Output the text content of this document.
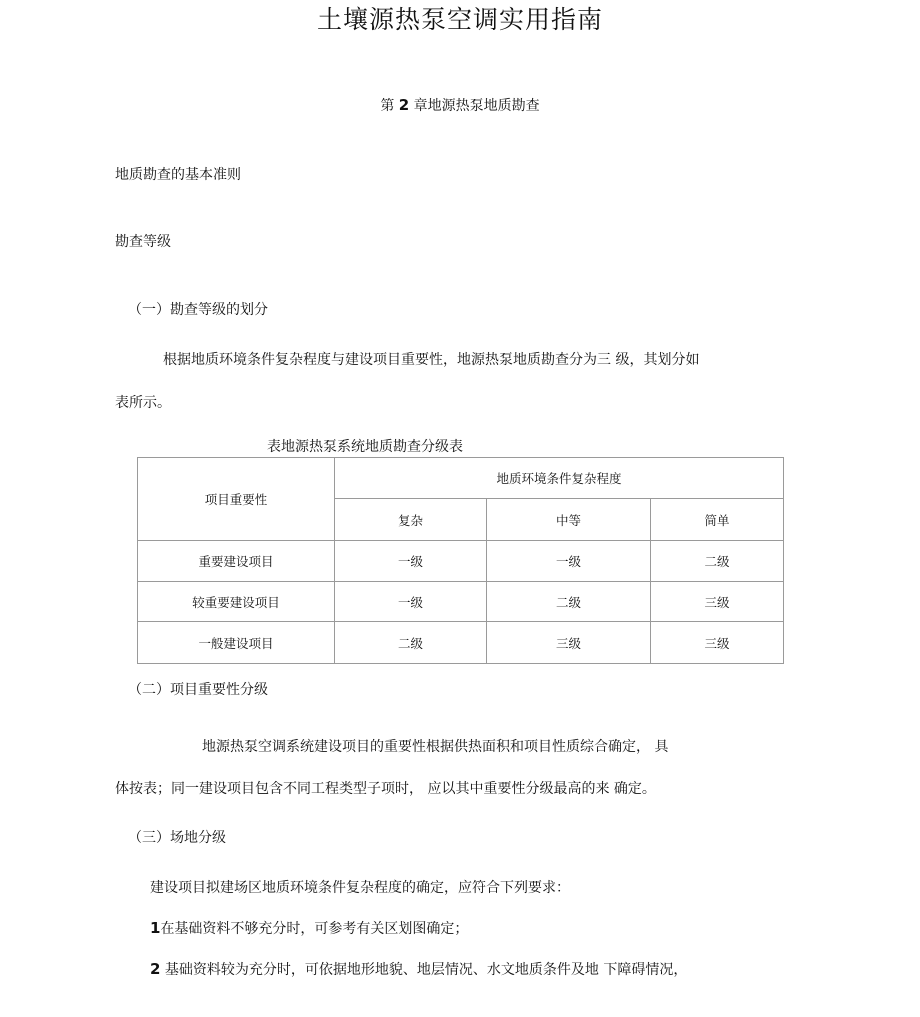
土壤源热泵空调实用指南
第 2 章地源热泵地质勘查
地质勘查的基本准则
勘查等级
（一）勘查等级的划分
根据地质环境条件复杂程度与建设项目重要性，地源热泵地质勘查分为三 级，其划分如
表所示。
表地源热泵系统地质勘查分级表
项目重要性	地质环境条件复杂程度		
	复杂	中等	简单
重要建设项目	一级	一级	二级
较重要建设项目	一级	二级	三级
一般建设项目	二级	三级	三级
（二）项目重要性分级
地源热泵空调系统建设项目的重要性根据供热面积和项目性质综合确定， 具
体按表；同一建设项目包含不同工程类型子项时， 应以其中重要性分级最高的来 确定。
（三）场地分级
建设项目拟建场区地质环境条件复杂程度的确定，应符合下列要求：
1在基础资料不够充分时，可参考有关区划图确定；
2 基础资料较为充分时，可依据地形地貌、地层情况、水文地质条件及地 下障碍情况，
